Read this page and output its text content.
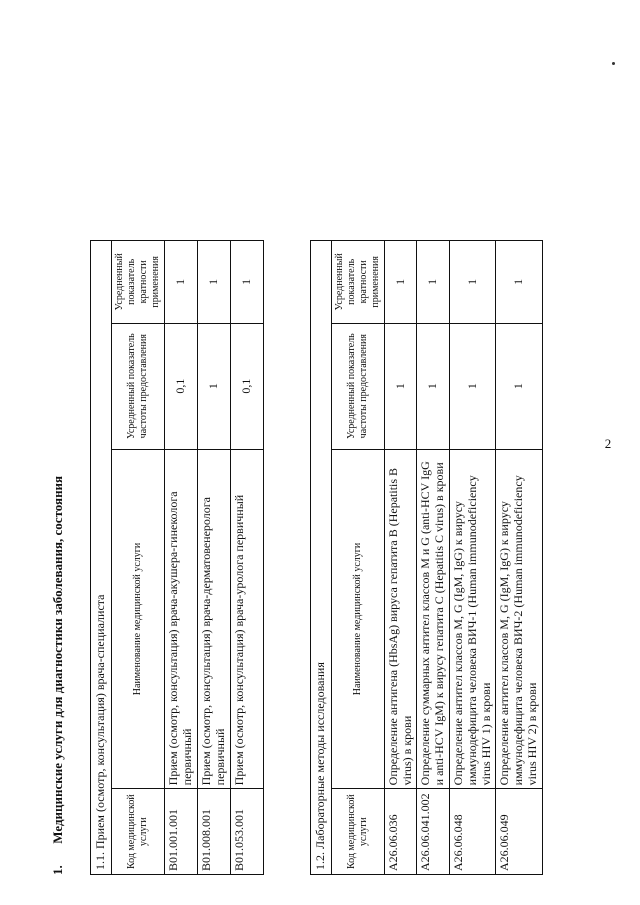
2
1. Медицинские услуги для диагностики заболевания, состояния 1.1. Прием (осмотр, консультация) врача-специалиста			
Код медицинской услуги	Наименование медицинской услуги	Усредненный показатель частоты предоставления	Усредненный показатель кратности применения
B01.001.001	Прием (осмотр, консультация) врача-акушера-гинеколога первичный	0,1	1
B01.008.001	Прием (осмотр, консультация) врача-дерматовенеролога первичный	1	1
B01.053.001	Прием (осмотр, консультация) врача-уролога первичный	0,1	1
1.2. Лабораторные методы исследования			
Код медицинской услуги	Наименование медицинской услуги	Усредненный показатель частоты предоставления	Усредненный показатель кратности применения
A26.06.036	Определение антигена (HbsAg) вируса гепатита B (Hepatitis B virus) в крови	1	1
A26.06.041.002	Определение суммарных антител классов M и G (anti-HCV IgG и anti-HCV IgM) к вирусу гепатита C (Hepatitis C virus) в крови	1	1
A26.06.048	Определение антител классов M, G (IgM, IgG) к вирусу иммунодефицита человека ВИЧ-1 (Human immunodeficiency virus HIV 1) в крови	1	1
A26.06.049	Определение антител классов M, G (IgM, IgG) к вирусу иммунодефицита человека ВИЧ-2 (Human immunodeficiency virus HIV 2) в крови	1	1
